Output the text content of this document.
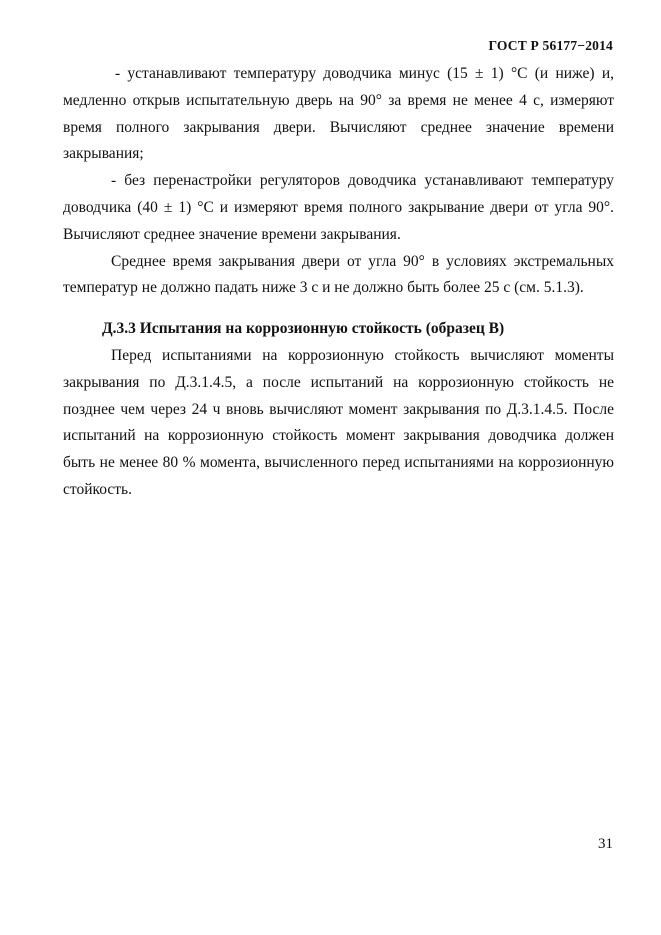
ГОСТ Р 56177−2014

- устанавливают температуру доводчика минус (15 ± 1) °С (и ниже) и, медленно открыв испытательную дверь на 90° за время не менее 4 с, измеряют время полного закрывания двери. Вычисляют среднее значение времени закрывания;

- без перенастройки регуляторов доводчика устанавливают температуру доводчика (40 ± 1) °С и измеряют время полного закрывание двери от угла 90°. Вычисляют среднее значение времени закрывания.

Среднее время закрывания двери от угла 90° в условиях экстремальных температур не должно падать ниже 3 с и не должно быть более 25 с (см. 5.1.3).

Д.3.3 Испытания на коррозионную стойкость (образец В)

Перед испытаниями на коррозионную стойкость вычисляют моменты закрывания по Д.3.1.4.5, а после испытаний на коррозионную стойкость не позднее чем через 24 ч вновь вычисляют момент закрывания по Д.3.1.4.5. После испытаний на коррозионную стойкость момент закрывания доводчика должен быть не менее 80 % момента, вычисленного перед испытаниями на коррозионную стойкость.

31
